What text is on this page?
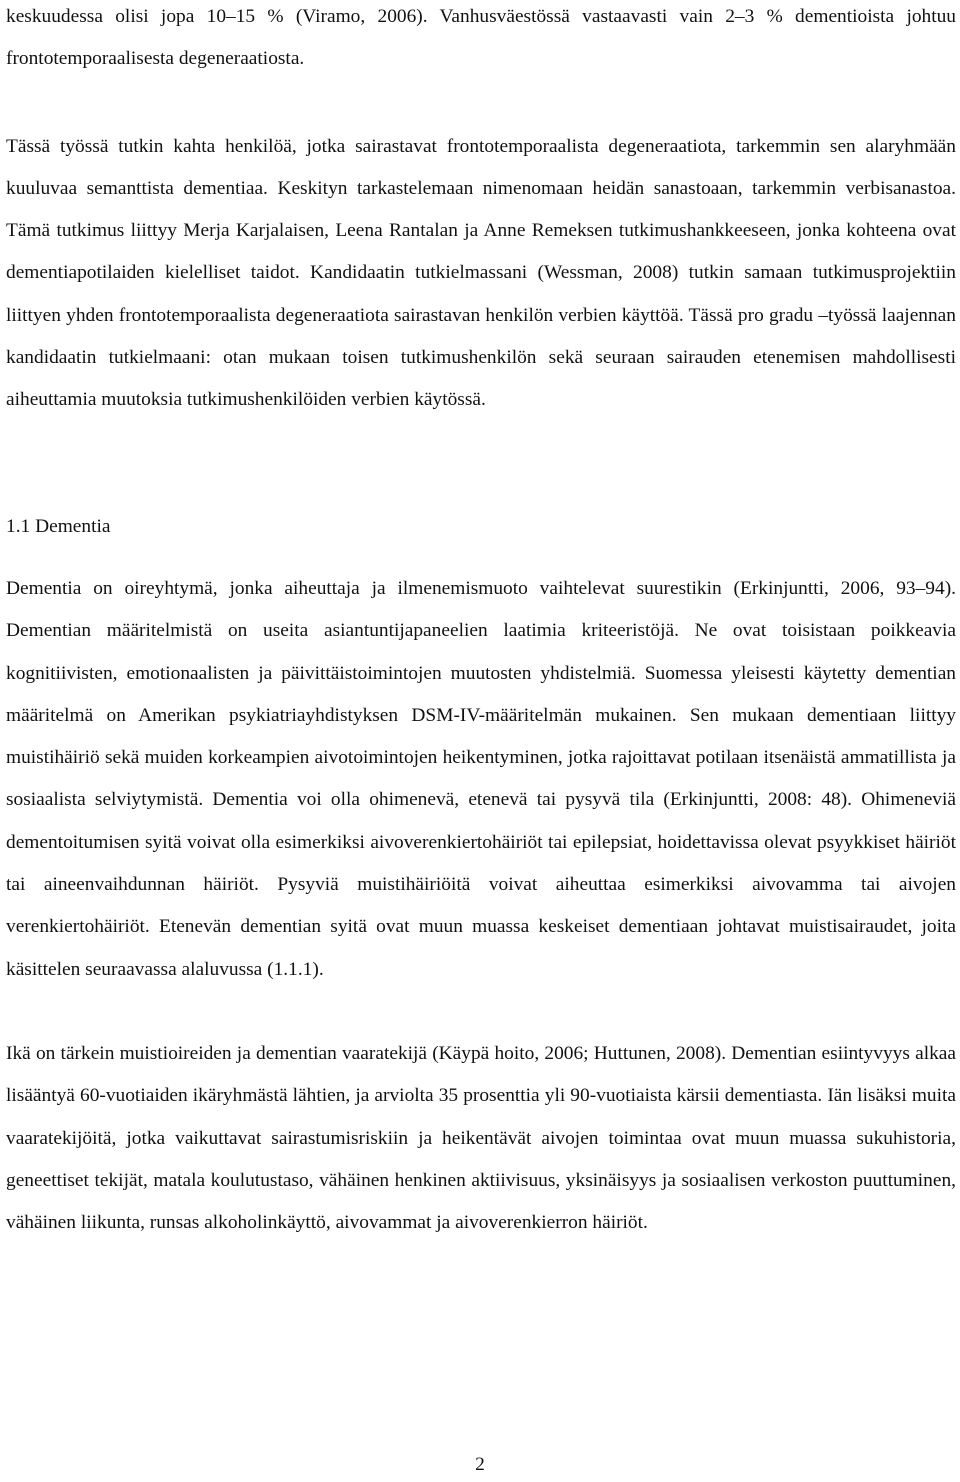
keskuudessa olisi jopa 10–15 % (Viramo, 2006). Vanhusväestössä vastaavasti vain 2–3 % dementioista johtuu frontotemporaalisesta degeneraatiosta.

Tässä työssä tutkin kahta henkilöä, jotka sairastavat frontotemporaalista degeneraatiota, tarkemmin sen alaryhmään kuuluvaa semanttista dementiaa. Keskityn tarkastelemaan nimenomaan heidän sanastoaan, tarkemmin verbisanastoa. Tämä tutkimus liittyy Merja Karjalaisen, Leena Rantalan ja Anne Remeksen tutkimushankkeeseen, jonka kohteena ovat dementiapotilaiden kielelliset taidot. Kandidaatin tutkielmassani (Wessman, 2008) tutkin samaan tutkimusprojektiin liittyen yhden frontotemporaalista degeneraatiota sairastavan henkilön verbien käyttöä. Tässä pro gradu –työssä laajennan kandidaatin tutkielmaani: otan mukaan toisen tutkimushenkilön sekä seuraan sairauden etenemisen mahdollisesti aiheuttamia muutoksia tutkimushenkilöiden verbien käytössä.

1.1 Dementia

Dementia on oireyhtymä, jonka aiheuttaja ja ilmenemismuoto vaihtelevat suurestikin (Erkinjuntti, 2006, 93–94). Dementian määritelmistä on useita asiantuntijapaneelien laatimia kriteeristöjä. Ne ovat toisistaan poikkeavia kognitiivisten, emotionaalisten ja päivittäistoimintojen muutosten yhdistelmiä. Suomessa yleisesti käytetty dementian määritelmä on Amerikan psykiatriayhdistyksen DSM-IV-määritelmän mukainen. Sen mukaan dementiaan liittyy muistihäiriö sekä muiden korkeampien aivotoimintojen heikentyminen, jotka rajoittavat potilaan itsenäistä ammatillista ja sosiaalista selviytymistä. Dementia voi olla ohimenevä, etenevä tai pysyvä tila (Erkinjuntti, 2008: 48). Ohimeneviä dementoitumisen syitä voivat olla esimerkiksi aivoverenkiertohäiriöt tai epilepsiat, hoidettavissa olevat psyykkiset häiriöt tai aineenvaihdunnan häiriöt. Pysyviä muistihäiriöitä voivat aiheuttaa esimerkiksi aivovamma tai aivojen verenkiertohäiriöt. Etenevän dementian syitä ovat muun muassa keskeiset dementiaan johtavat muistisairaudet, joita käsittelen seuraavassa alaluvussa (1.1.1).

Ikä on tärkein muistioireiden ja dementian vaaratekijä (Käypä hoito, 2006; Huttunen, 2008). Dementian esiintyvyys alkaa lisääntyä 60-vuotiaiden ikäryhmästä lähtien, ja arviolta 35 prosenttia yli 90-vuotiaista kärsii dementiasta. Iän lisäksi muita vaaratekijöitä, jotka vaikuttavat sairastumisriskiin ja heikentävät aivojen toimintaa ovat muun muassa sukuhistoria, geneettiset tekijät, matala koulutustaso, vähäinen henkinen aktiivisuus, yksinäisyys ja sosiaalisen verkoston puuttuminen, vähäinen liikunta, runsas alkoholinkäyttö, aivovammat ja aivoverenkierron häiriöt.

2
